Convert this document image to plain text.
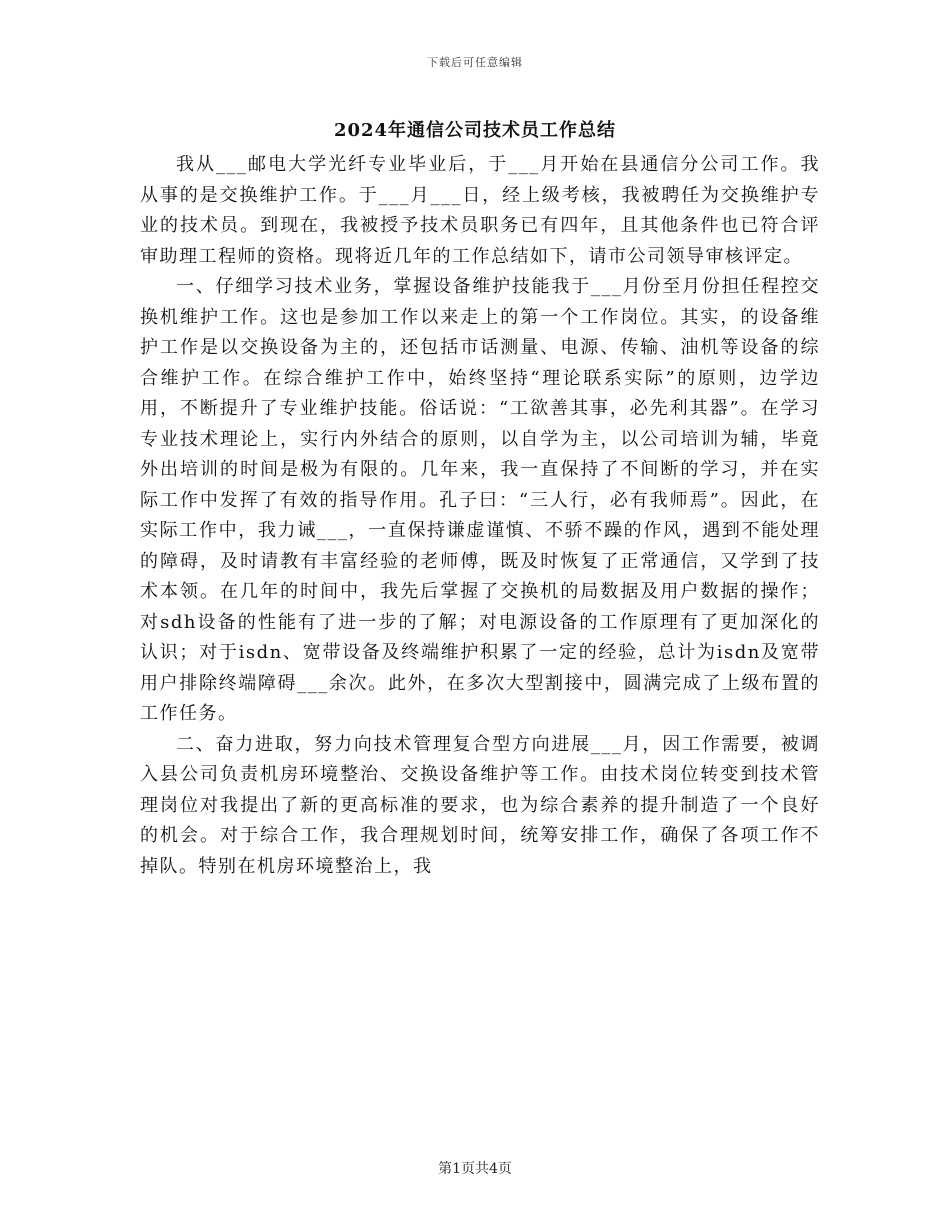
下载后可任意编辑
2024年通信公司技术员工作总结

我从___邮电大学光纤专业毕业后，于___月开始在县通信分公司工作。我从事的是交换维护工作。于___月___日，经上级考核，我被聘任为交换维护专业的技术员。到现在，我被授予技术员职务已有四年，且其他条件也已符合评审助理工程师的资格。现将近几年的工作总结如下，请市公司领导审核评定。

一、仔细学习技术业务，掌握设备维护技能我于___月份至月份担任程控交换机维护工作。这也是参加工作以来走上的第一个工作岗位。其实，的设备维护工作是以交换设备为主的，还包括市话测量、电源、传输、油机等设备的综合维护工作。在综合维护工作中，始终坚持“理论联系实际”的原则，边学边用，不断提升了专业维护技能。俗话说：“工欲善其事，必先利其器”。在学习专业技术理论上，实行内外结合的原则，以自学为主，以公司培训为辅，毕竟外出培训的时间是极为有限的。几年来，我一直保持了不间断的学习，并在实际工作中发挥了有效的指导作用。孔子曰：“三人行，必有我师焉”。因此，在实际工作中，我力诫___，一直保持谦虚谨慎、不骄不躁的作风，遇到不能处理的障碍，及时请教有丰富经验的老师傅，既及时恢复了正常通信，又学到了技术本领。在几年的时间中，我先后掌握了交换机的局数据及用户数据的操作；对sdh设备的性能有了进一步的了解；对电源设备的工作原理有了更加深化的认识；对于isdn、宽带设备及终端维护积累了一定的经验，总计为isdn及宽带用户排除终端障碍___余次。此外，在多次大型割接中，圆满完成了上级布置的工作任务。

二、奋力进取，努力向技术管理复合型方向进展___月，因工作需要，被调入县公司负责机房环境整治、交换设备维护等工作。由技术岗位转变到技术管理岗位对我提出了新的更高标准的要求，也为综合素养的提升制造了一个良好的机会。对于综合工作，我合理规划时间，统筹安排工作，确保了各项工作不掉队。特别在机房环境整治上，我

第1页共4页
